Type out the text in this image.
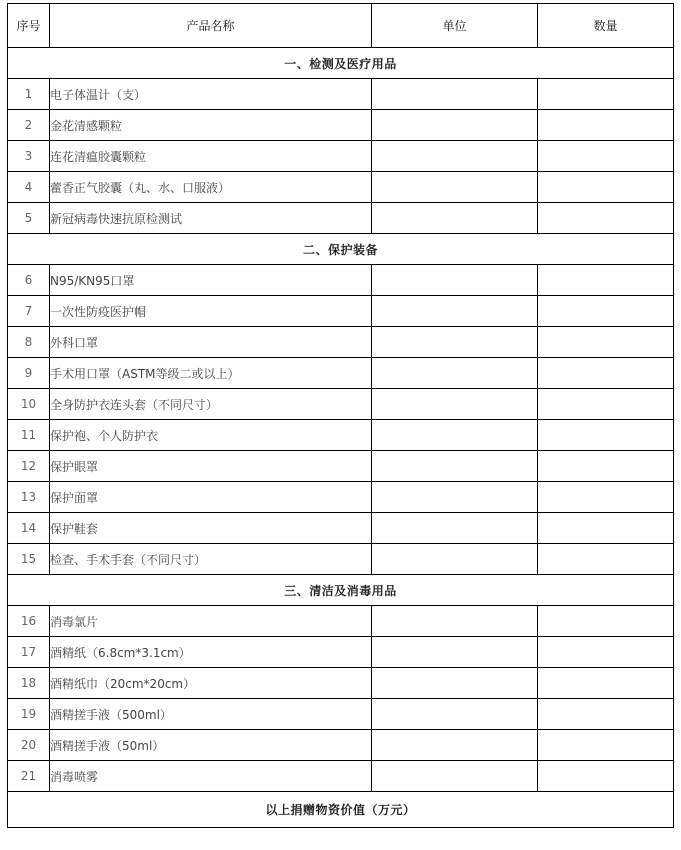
序号	产品名称	单位	数量
一、检测及医疗用品			
1	电子体温计（支）		
2	金花清感颗粒		
3	连花清瘟胶囊颗粒		
4	藿香正气胶囊（丸、水、口服液）		
5	新冠病毒快速抗原检测试		
二、保护装备			
6	N95/KN95口罩		
7	一次性防疫医护帽		
8	外科口罩		
9	手术用口罩（ASTM等级二或以上）		
10	全身防护衣连头套（不同尺寸）		
11	保护袍、个人防护衣		
12	保护眼罩		
13	保护面罩		
14	保护鞋套		
15	检查、手术手套（不同尺寸）		
三、清洁及消毒用品			
16	消毒氯片		
17	酒精纸（6.8cm*3.1cm）		
18	酒精纸巾（20cm*20cm）		
19	酒精搓手液（500ml）		
20	酒精搓手液（50ml）		
21	消毒喷雾		
以上捐赠物资价值（万元）			
